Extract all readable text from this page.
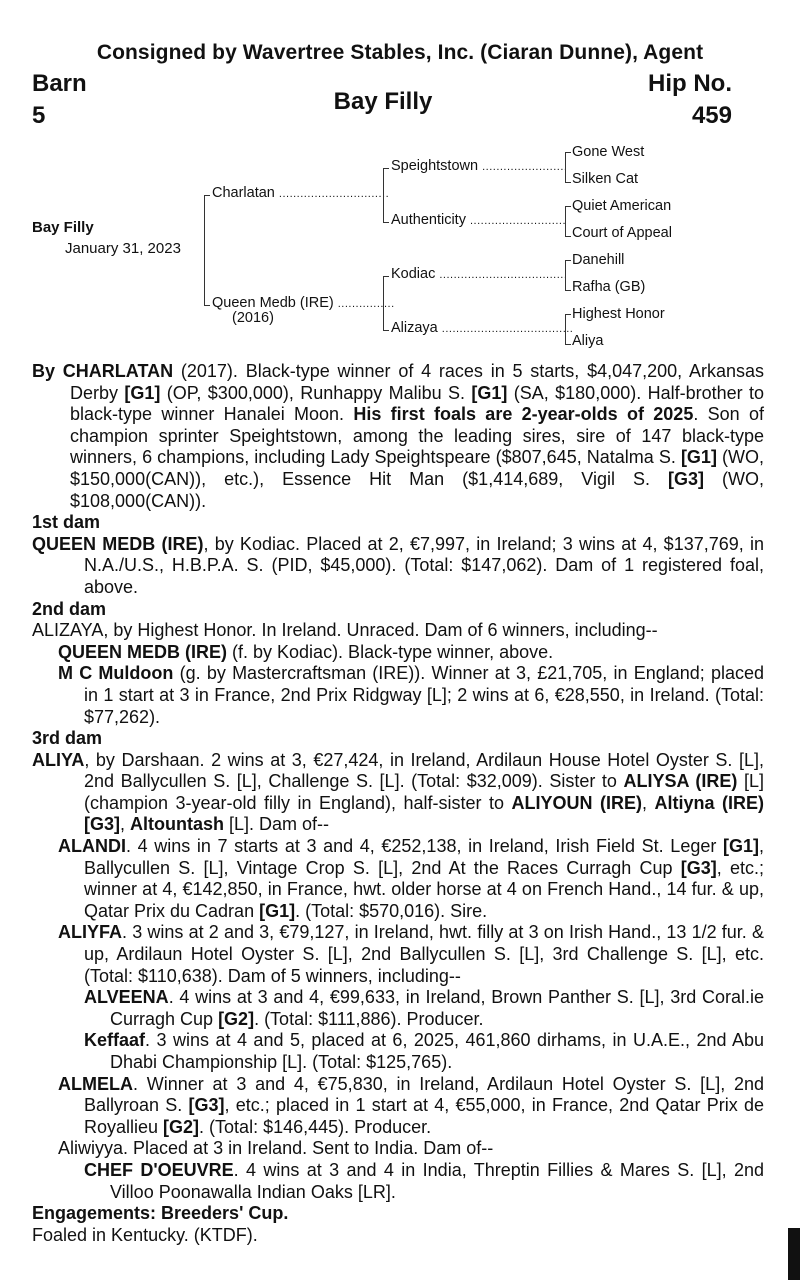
Consigned by Wavertree Stables, Inc. (Ciaran Dunne), Agent
Barn
5
Bay Filly
Hip No.
459
Bay Filly
January 31, 2023
Charlatan ...............................
Queen Medb (IRE) ................
(2016)
Speightstown ........................
Authenticity ...........................
Kodiac ....................................
Alizaya .....................................
Gone West
Silken Cat
Quiet American
Court of Appeal
Danehill
Rafha (GB)
Highest Honor
Aliya

By CHARLATAN (2017). Black-type winner of 4 races in 5 starts, $4,047,200, Arkansas Derby [G1] (OP, $300,000), Runhappy Malibu S. [G1] (SA, $180,000). Half-brother to black-type winner Hanalei Moon. His first foals are 2-year-olds of 2025. Son of champion sprinter Speightstown, among the leading sires, sire of 147 black-type winners, 6 champions, including Lady Speightspeare ($807,645, Natalma S. [G1] (WO, $150,000(CAN)), etc.), Essence Hit Man ($1,414,689, Vigil S. [G3] (WO, $108,000(CAN)).

1st dam

QUEEN MEDB (IRE), by Kodiac. Placed at 2, €7,997, in Ireland; 3 wins at 4, $137,769, in N.A./U.S., H.B.P.A. S. (PID, $45,000). (Total: $147,062). Dam of 1 registered foal, above.

2nd dam

ALIZAYA, by Highest Honor. In Ireland. Unraced. Dam of 6 winners, including--

QUEEN MEDB (IRE) (f. by Kodiac). Black-type winner, above.

M C Muldoon (g. by Mastercraftsman (IRE)). Winner at 3, £21,705, in England; placed in 1 start at 3 in France, 2nd Prix Ridgway [L]; 2 wins at 6, €28,550, in Ireland. (Total: $77,262).

3rd dam

ALIYA, by Darshaan. 2 wins at 3, €27,424, in Ireland, Ardilaun House Hotel Oyster S. [L], 2nd Ballycullen S. [L], Challenge S. [L]. (Total: $32,009). Sister to ALIYSA (IRE) [L] (champion 3-year-old filly in England), half-sister to ALIYOUN (IRE), Altiyna (IRE) [G3], Altountash [L]. Dam of--

ALANDI. 4 wins in 7 starts at 3 and 4, €252,138, in Ireland, Irish Field St. Leger [G1], Ballycullen S. [L], Vintage Crop S. [L], 2nd At the Races Curragh Cup [G3], etc.; winner at 4, €142,850, in France, hwt. older horse at 4 on French Hand., 14 fur. & up, Qatar Prix du Cadran [G1]. (Total: $570,016). Sire.

ALIYFA. 3 wins at 2 and 3, €79,127, in Ireland, hwt. filly at 3 on Irish Hand., 13 1/2 fur. & up, Ardilaun Hotel Oyster S. [L], 2nd Ballycullen S. [L], 3rd Challenge S. [L], etc. (Total: $110,638). Dam of 5 winners, including--

ALVEENA. 4 wins at 3 and 4, €99,633, in Ireland, Brown Panther S. [L], 3rd Coral.ie Curragh Cup [G2]. (Total: $111,886). Producer.

Keffaaf. 3 wins at 4 and 5, placed at 6, 2025, 461,860 dirhams, in U.A.E., 2nd Abu Dhabi Championship [L]. (Total: $125,765).

ALMELA. Winner at 3 and 4, €75,830, in Ireland, Ardilaun Hotel Oyster S. [L], 2nd Ballyroan S. [G3], etc.; placed in 1 start at 4, €55,000, in France, 2nd Qatar Prix de Royallieu [G2]. (Total: $146,445). Producer.

Aliwiyya. Placed at 3 in Ireland. Sent to India. Dam of--

CHEF D'OEUVRE. 4 wins at 3 and 4 in India, Threptin Fillies & Mares S. [L], 2nd Villoo Poonawalla Indian Oaks [LR].

Engagements: Breeders' Cup.

Foaled in Kentucky. (KTDF).
